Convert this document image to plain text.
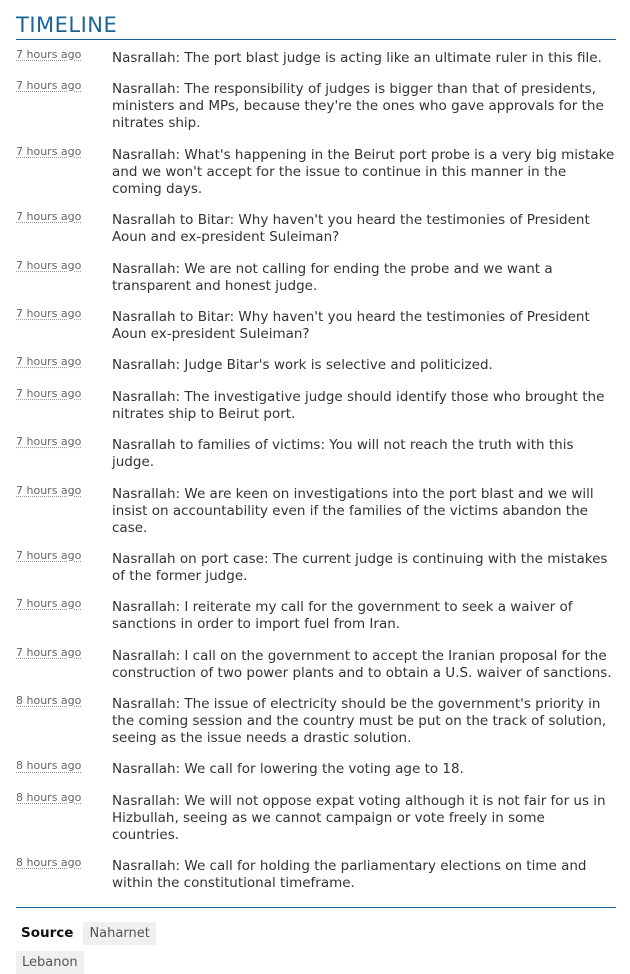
TIMELINE
7 hours ago	Nasrallah: The port blast judge is acting like an ultimate ruler in this file.
7 hours ago	Nasrallah: The responsibility of judges is bigger than that of presidents, ministers and MPs, because they're the ones who gave approvals for the nitrates ship.
7 hours ago	Nasrallah: What's happening in the Beirut port probe is a very big mistake and we won't accept for the issue to continue in this manner in the coming days.
7 hours ago	Nasrallah to Bitar: Why haven't you heard the testimonies of President Aoun and ex-president Suleiman?
7 hours ago	Nasrallah: We are not calling for ending the probe and we want a transparent and honest judge.
7 hours ago	Nasrallah to Bitar: Why haven't you heard the testimonies of President Aoun ex-president Suleiman?
7 hours ago	Nasrallah: Judge Bitar's work is selective and politicized.
7 hours ago	Nasrallah: The investigative judge should identify those who brought the nitrates ship to Beirut port.
7 hours ago	Nasrallah to families of victims: You will not reach the truth with this judge.
7 hours ago	Nasrallah: We are keen on investigations into the port blast and we will insist on accountability even if the families of the victims abandon the case.
7 hours ago	Nasrallah on port case: The current judge is continuing with the mistakes of the former judge.
7 hours ago	Nasrallah: I reiterate my call for the government to seek a waiver of sanctions in order to import fuel from Iran.
7 hours ago	Nasrallah: I call on the government to accept the Iranian proposal for the construction of two power plants and to obtain a U.S. waiver of sanctions.
8 hours ago	Nasrallah: The issue of electricity should be the government's priority in the coming session and the country must be put on the track of solution, seeing as the issue needs a drastic solution.
8 hours ago	Nasrallah: We call for lowering the voting age to 18.
8 hours ago	Nasrallah: We will not oppose expat voting although it is not fair for us in Hizbullah, seeing as we cannot campaign or vote freely in some countries.
8 hours ago	Nasrallah: We call for holding the parliamentary elections on time and within the constitutional timeframe.
Source	Naharnet
Lebanon
